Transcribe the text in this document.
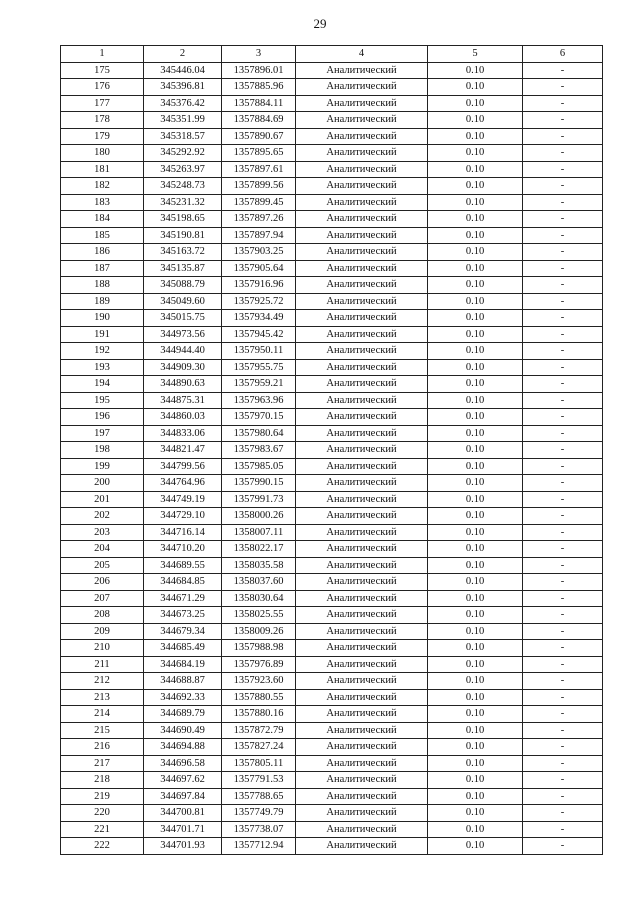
29
1	2	3	4	5	6
175	345446.04	1357896.01	Аналитический	0.10	-
176	345396.81	1357885.96	Аналитический	0.10	-
177	345376.42	1357884.11	Аналитический	0.10	-
178	345351.99	1357884.69	Аналитический	0.10	-
179	345318.57	1357890.67	Аналитический	0.10	-
180	345292.92	1357895.65	Аналитический	0.10	-
181	345263.97	1357897.61	Аналитический	0.10	-
182	345248.73	1357899.56	Аналитический	0.10	-
183	345231.32	1357899.45	Аналитический	0.10	-
184	345198.65	1357897.26	Аналитический	0.10	-
185	345190.81	1357897.94	Аналитический	0.10	-
186	345163.72	1357903.25	Аналитический	0.10	-
187	345135.87	1357905.64	Аналитический	0.10	-
188	345088.79	1357916.96	Аналитический	0.10	-
189	345049.60	1357925.72	Аналитический	0.10	-
190	345015.75	1357934.49	Аналитический	0.10	-
191	344973.56	1357945.42	Аналитический	0.10	-
192	344944.40	1357950.11	Аналитический	0.10	-
193	344909.30	1357955.75	Аналитический	0.10	-
194	344890.63	1357959.21	Аналитический	0.10	-
195	344875.31	1357963.96	Аналитический	0.10	-
196	344860.03	1357970.15	Аналитический	0.10	-
197	344833.06	1357980.64	Аналитический	0.10	-
198	344821.47	1357983.67	Аналитический	0.10	-
199	344799.56	1357985.05	Аналитический	0.10	-
200	344764.96	1357990.15	Аналитический	0.10	-
201	344749.19	1357991.73	Аналитический	0.10	-
202	344729.10	1358000.26	Аналитический	0.10	-
203	344716.14	1358007.11	Аналитический	0.10	-
204	344710.20	1358022.17	Аналитический	0.10	-
205	344689.55	1358035.58	Аналитический	0.10	-
206	344684.85	1358037.60	Аналитический	0.10	-
207	344671.29	1358030.64	Аналитический	0.10	-
208	344673.25	1358025.55	Аналитический	0.10	-
209	344679.34	1358009.26	Аналитический	0.10	-
210	344685.49	1357988.98	Аналитический	0.10	-
211	344684.19	1357976.89	Аналитический	0.10	-
212	344688.87	1357923.60	Аналитический	0.10	-
213	344692.33	1357880.55	Аналитический	0.10	-
214	344689.79	1357880.16	Аналитический	0.10	-
215	344690.49	1357872.79	Аналитический	0.10	-
216	344694.88	1357827.24	Аналитический	0.10	-
217	344696.58	1357805.11	Аналитический	0.10	-
218	344697.62	1357791.53	Аналитический	0.10	-
219	344697.84	1357788.65	Аналитический	0.10	-
220	344700.81	1357749.79	Аналитический	0.10	-
221	344701.71	1357738.07	Аналитический	0.10	-
222	344701.93	1357712.94	Аналитический	0.10	-
